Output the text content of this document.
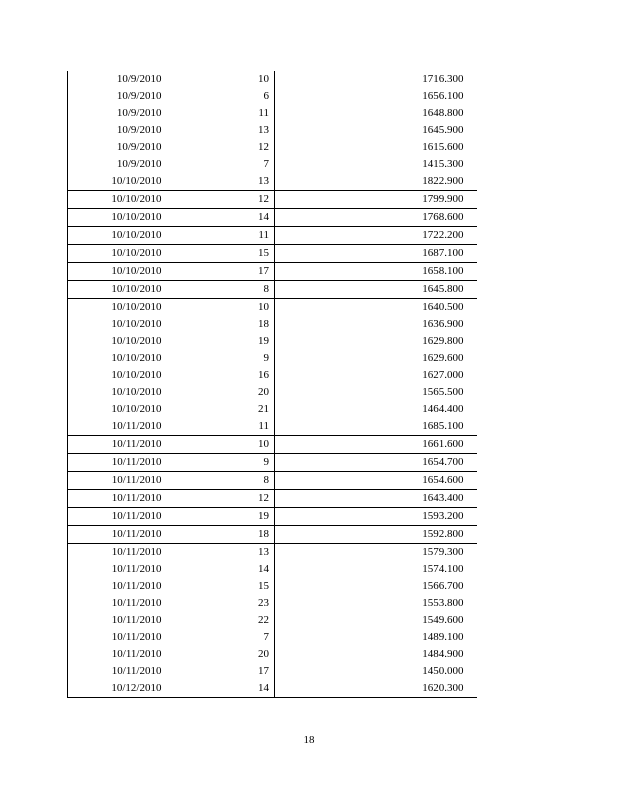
10/9/2010	10	1716.300
10/9/2010	6	1656.100
10/9/2010	11	1648.800
10/9/2010	13	1645.900
10/9/2010	12	1615.600
10/9/2010	7	1415.300
10/10/2010	13	1822.900
10/10/2010	12	1799.900
10/10/2010	14	1768.600
10/10/2010	11	1722.200
10/10/2010	15	1687.100
10/10/2010	17	1658.100
10/10/2010	8	1645.800
10/10/2010	10	1640.500
10/10/2010	18	1636.900
10/10/2010	19	1629.800
10/10/2010	9	1629.600
10/10/2010	16	1627.000
10/10/2010	20	1565.500
10/10/2010	21	1464.400
10/11/2010	11	1685.100
10/11/2010	10	1661.600
10/11/2010	9	1654.700
10/11/2010	8	1654.600
10/11/2010	12	1643.400
10/11/2010	19	1593.200
10/11/2010	18	1592.800
10/11/2010	13	1579.300
10/11/2010	14	1574.100
10/11/2010	15	1566.700
10/11/2010	23	1553.800
10/11/2010	22	1549.600
10/11/2010	7	1489.100
10/11/2010	20	1484.900
10/11/2010	17	1450.000
10/12/2010	14	1620.300
18
